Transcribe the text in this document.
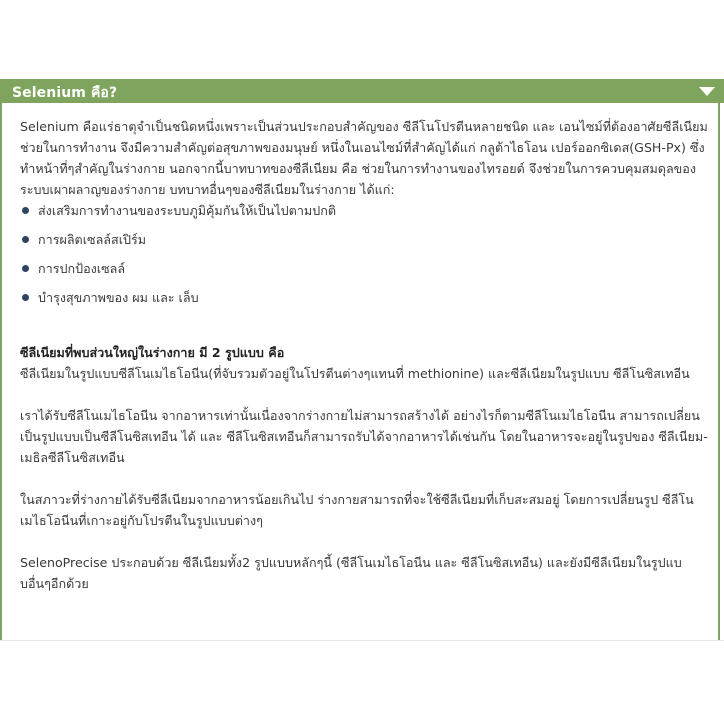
Selenium คือ?

Selenium คือแร่ธาตุจำเป็นชนิดหนึ่งเพราะเป็นส่วนประกอบสำคัญของ ซีลีโนโปรตีนหลายชนิด และ เอนไซม์ที่ต้องอาศัยซีลีเนียมช่วยในการทำงาน จึงมีความสำคัญต่อสุขภาพของมนุษย์ หนึ่งในเอนไซม์ที่สำคัญได้แก่ กลูต้าไธโอน เปอร์ออกซิเดส(GSH-Px) ซึ่งทำหน้าที่ๆสำคัญในร่างกาย นอกจากนี้บาทบาทของซีลีเนียม คือ ช่วยในการทำงานของไทรอยด์ จึงช่วยในการควบคุมสมดุลของระบบเผาผลาญของร่างกาย บทบาทอื่นๆของซีลีเนียมในร่างกาย ได้แก่:

ส่งเสริมการทำงานของระบบภูมิคุ้มกันให้เป็นไปตามปกติ
การผลิตเซลล์สเปิร์ม
การปกป้องเซลล์
บำรุงสุขภาพของ ผม และ เล็บ

ซีลีเนียมที่พบส่วนใหญ่ในร่างกาย มี 2 รูปแบบ คือ

ซีลีเนียมในรูปแบบซีลีโนเมไธโอนีน(ที่จับรวมตัวอยู่ในโปรตีนต่างๆแทนที่ methionine) และซีลีเนียมในรูปแบบ ซีลีโนซิสเทอีน

เราได้รับซีลีโนเมไธโอนีน จากอาหารเท่านั้นเนื่องจากร่างกายไม่สามารถสร้างได้ อย่างไรก็ตามซีลีโนเมไธโอนีน สามารถเปลี่ยนเป็นรูปแบบเป็นซีลีโนซิสเทอีน ได้ และ ซีลีโนซิสเทอีนก็สามารถรับได้จากอาหารได้เช่นกัน โดยในอาหารจะอยู่ในรูปของ ซีลีเนียม-เมธิลซีลีโนซิสเทอีน

ในสภาวะที่ร่างกายได้รับซีลีเนียมจากอาหารน้อยเกินไป ร่างกายสามารถที่จะใช้ซีลีเนียมที่เก็บสะสมอยู่ โดยการเปลี่ยนรูป ซีลีโนเมไธโอนีนที่เกาะอยู่กับโปรตีนในรูปแบบต่างๆ

SelenoPrecise ประกอบด้วย ซีลีเนียมทั้ง2 รูปแบบหลักๆนี้ (ซีลีโนเมไธโอนีน และ ซีลีโนซิสเทอีน) และยังมีซีลีเนียมในรูปแบบอื่นๆอีกด้วย
